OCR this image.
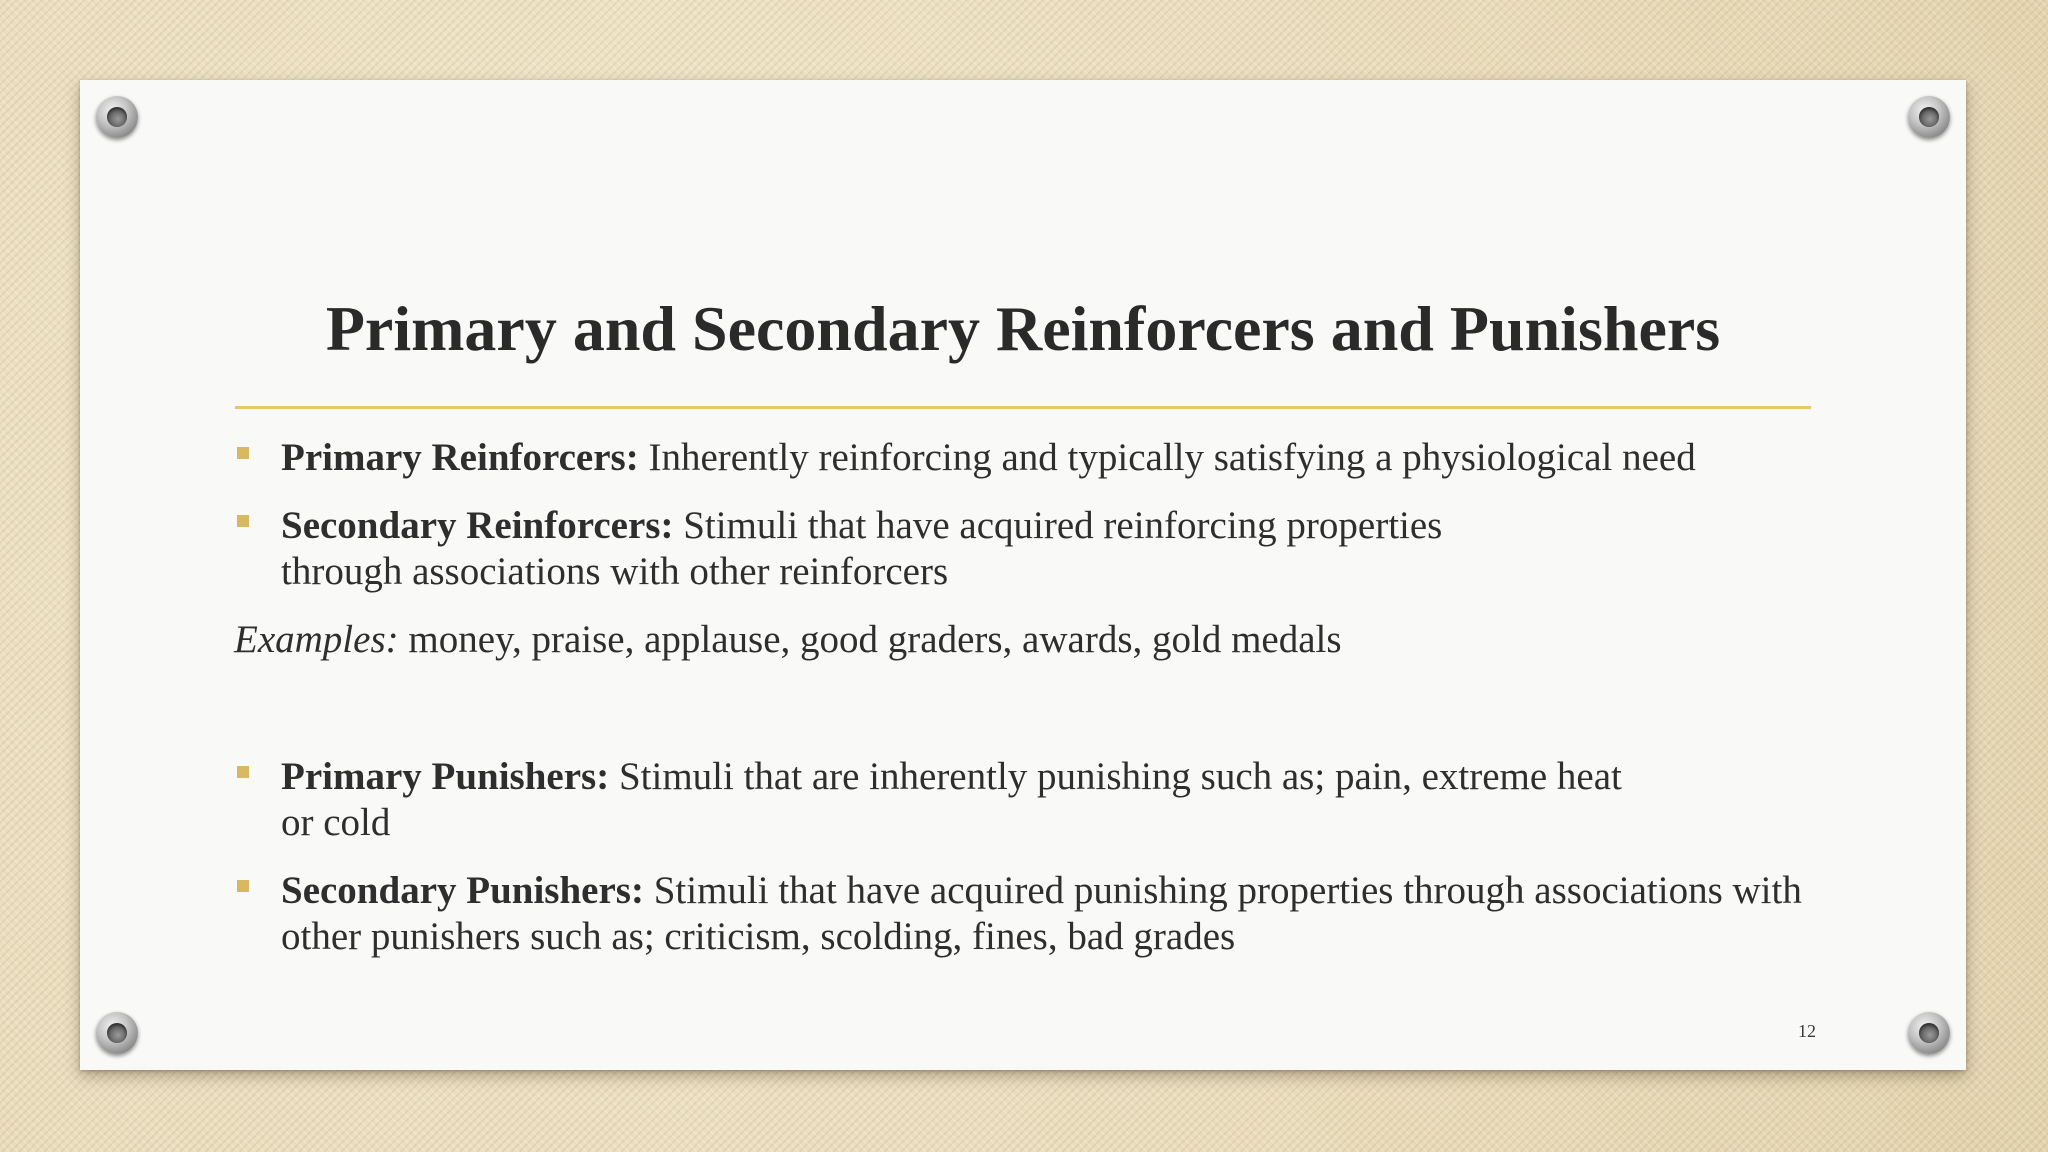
Primary and Secondary Reinforcers and Punishers
Primary Reinforcers: Inherently reinforcing and typically satisfying a physiological need
Secondary Reinforcers: Stimuli that have acquired reinforcing properties through associations with other reinforcers
Examples: money, praise, applause, good graders, awards, gold medals
Primary Punishers: Stimuli that are inherently punishing such as; pain, extreme heat or cold
Secondary Punishers: Stimuli that have acquired punishing properties through associations with other punishers such as; criticism, scolding, fines, bad grades
12
